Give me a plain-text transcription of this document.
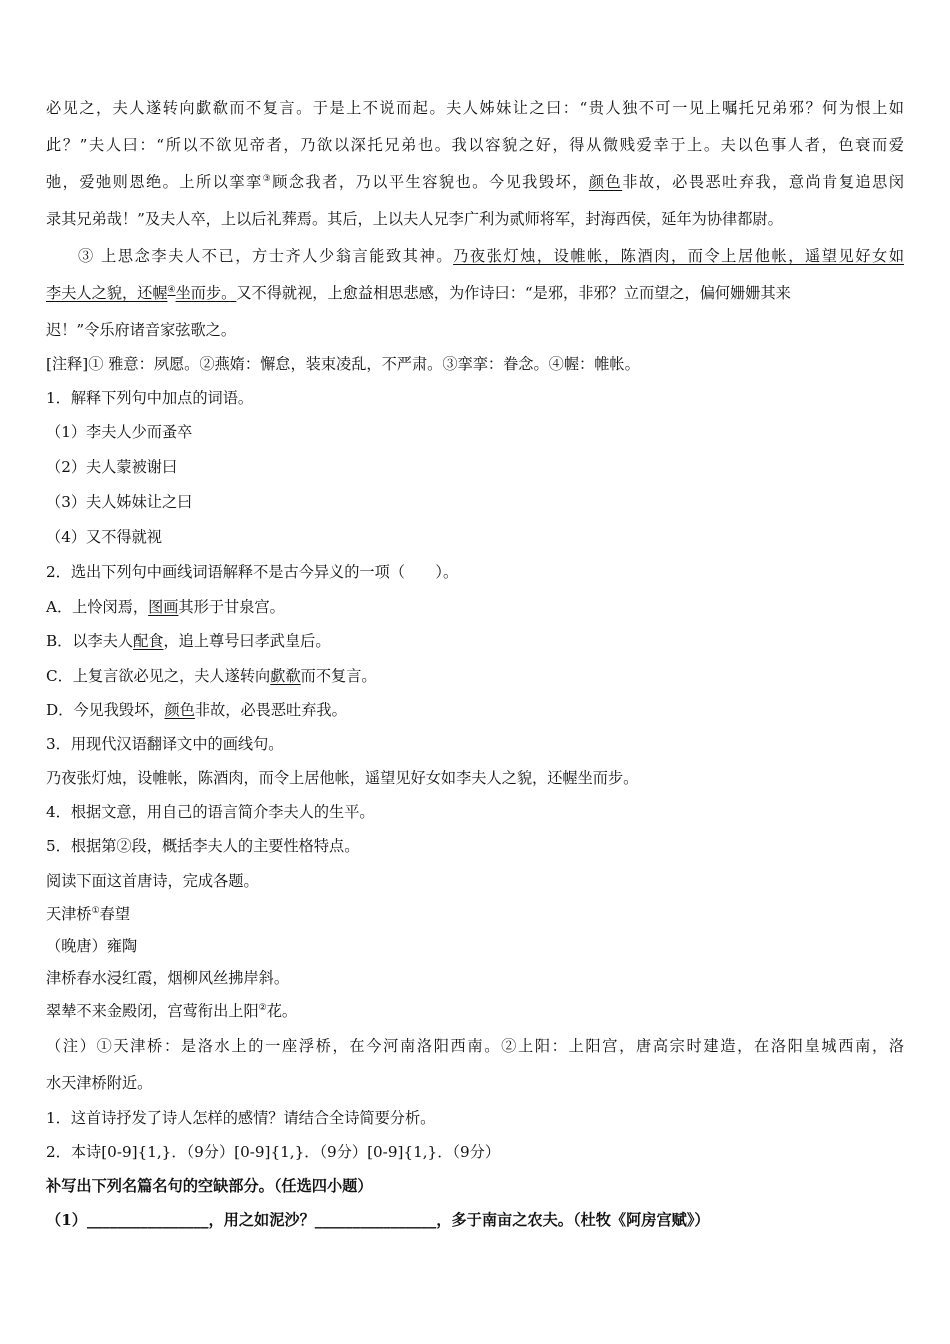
必见之，夫人遂转向歔欷而不复言。于是上不说而起。夫人姊妹让之曰：“贵人独不可一见上嘱托兄弟邪？何为恨上如
此？”夫人曰：“所以不欲见帝者，乃欲以深托兄弟也。我以容貌之好，得从微贱爱幸于上。夫以色事人者，色衰而爱
弛，爱弛则恩绝。上所以挛挛③顾念我者，乃以平生容貌也。今见我毁坏，颜色非故，必畏恶吐弃我，意尚肯复追思闵
录其兄弟哉！”及夫人卒，上以后礼葬焉。其后，上以夫人兄李广利为贰师将军，封海西侯，延年为协律都尉。
③ 上思念李夫人不已，方士齐人少翁言能致其神。乃夜张灯烛，设帷帐，陈酒肉，而令上居他帐，遥望见好女如
李夫人之貌，还幄④坐而步。又不得就视，上愈益相思悲感，为作诗曰：“是邪，非邪？立而望之，偏何姗姗其来
迟！”令乐府诸音家弦歌之。
[注释]① 雅意：夙愿。②燕媠：懈怠，装束凌乱，不严肃。③挛挛：眷念。④幄：帷帐。
1．解释下列句中加点的词语。
（1）李夫人少而蚤卒
（2）夫人蒙被谢曰
（3）夫人姊妹让之曰
（4）又不得就视
2．选出下列句中画线词语解释不是古今异义的一项（　　）。
A．上怜闵焉，图画其形于甘泉宫。
B．以李夫人配食，追上尊号曰孝武皇后。
C．上复言欲必见之，夫人遂转向歔欷而不复言。
D．今见我毁坏，颜色非故，必畏恶吐弃我。
3．用现代汉语翻译文中的画线句。
乃夜张灯烛，设帷帐，陈酒肉，而令上居他帐，遥望见好女如李夫人之貌，还幄坐而步。
4．根据文意，用自己的语言简介李夫人的生平。
5．根据第②段，概括李夫人的主要性格特点。
阅读下面这首唐诗，完成各题。
天津桥①春望
（晚唐）雍陶
津桥春水浸红霞，烟柳风丝拂岸斜。
翠辇不来金殿闭，宫莺衔出上阳②花。
（注）①天津桥：是洛水上的一座浮桥，在今河南洛阳西南。②上阳：上阳宫，唐高宗时建造，在洛阳皇城西南，洛
水天津桥附近。
1．这首诗抒发了诗人怎样的感情？请结合全诗简要分析。
2．本诗[0-9]{1,}．（9分）[0-9]{1,}．（9分）[0-9]{1,}．（9分）
补写出下列名篇名句的空缺部分。（任选四小题）
（1）________________，用之如泥沙？________________，多于南亩之农夫。（杜牧《阿房宫赋》）
